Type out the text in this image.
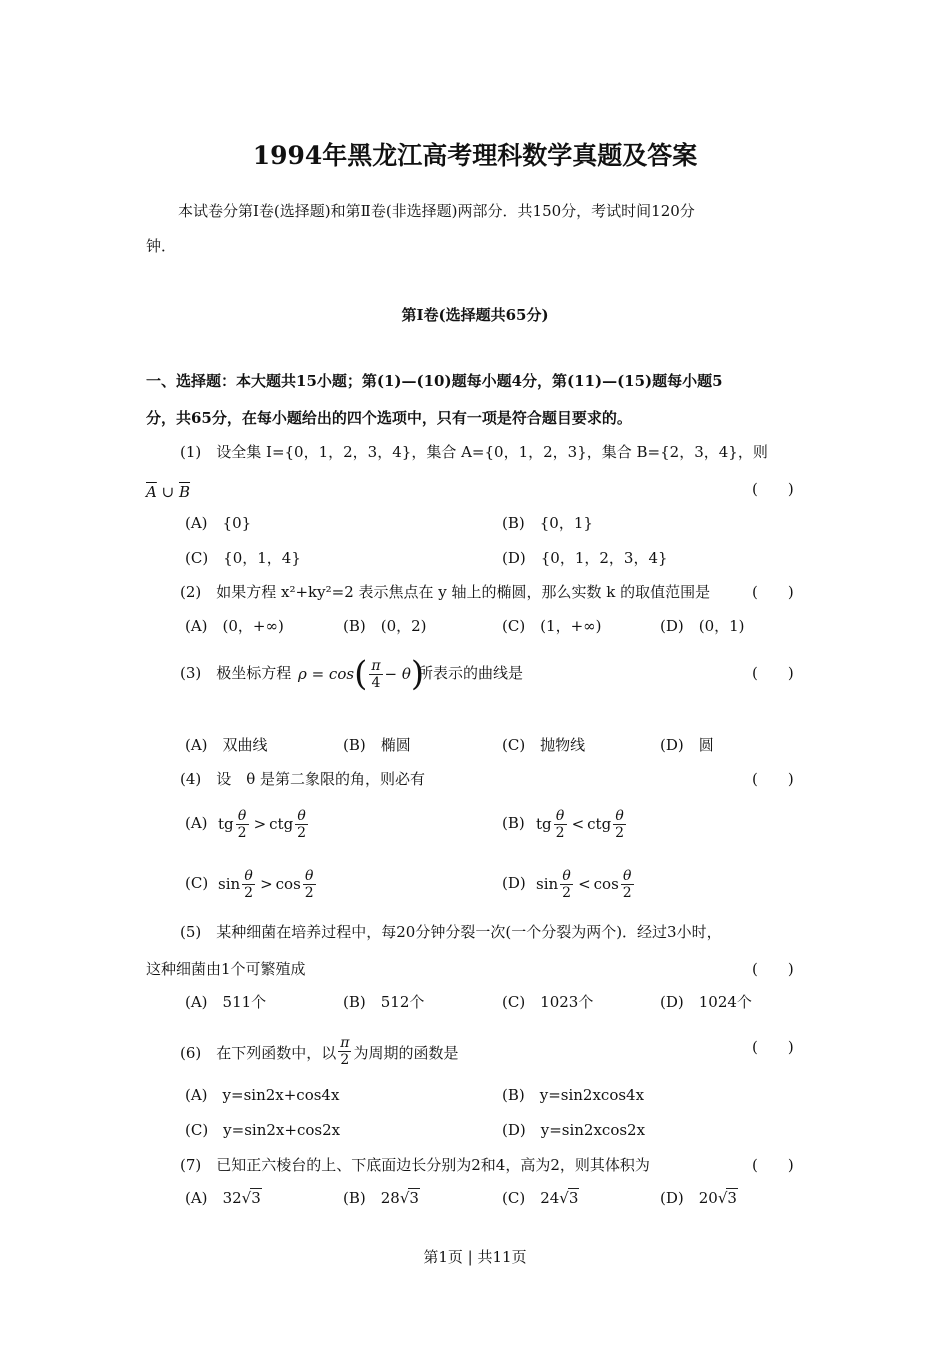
1994年黑龙江高考理科数学真题及答案
本试卷分第Ⅰ卷(选择题)和第Ⅱ卷(非选择题)两部分．共150分，考试时间120分
钟．
第Ⅰ卷(选择题共65分)
一、选择题：本大题共15小题；第(1)—(10)题每小题4分，第(11)—(15)题每小题5
分，共65分，在每小题给出的四个选项中，只有一项是符合题目要求的。
(1)　设全集 I={0，1，2，3，4}，集合 A={0，1，2，3}，集合 B={2，3，4}，则
$\overline{A}$ ∪ $\overline{B}$	(　　)
(A)　{0}	(B)　{0，1}
(C)　{0，1，4}	(D)　{0，1，2，3，4}
(2)　如果方程 x²+ky²=2 表示焦点在 y 轴上的椭圆，那么实数 k 的取值范围是	(　　)
(A)　(0，+∞)	(B)　(0，2)	(C)　(1，+∞)	(D)　(0，1)
(3)　极坐标方程 ρ = cos ( $\frac{\pi}{4} - \theta$ )
所表示的曲线是	(　　)
(A)　双曲线	(B)　椭圆	(C)　抛物线	(D)　圆
(4)　设　θ 是第二象限的角，则必有	(　　)
(A) tg $\frac{\theta}{2}$ > ctg $\frac{\theta}{2}$	(B) tg $\frac{\theta}{2}$ < ctg $\frac{\theta}{2}$
(C) $\sin \frac{\theta}{2} > \cos \frac{\theta}{2}$	(D) $\sin \frac{\theta}{2} < \cos \frac{\theta}{2}$
(5)　某种细菌在培养过程中，每20分钟分裂一次(一个分裂为两个)．经过3小时，
这种细菌由1个可繁殖成	(　　)
(A)　511个	(B)　512个	(C)　1023个	(D)　1024个
(6)　在下列函数中，以 $\frac{\pi}{2}$ 为周期的函数是	(　　)
(A)　y=sin2x+cos4x	(B)　y=sin2xcos4x
(C)　y=sin2x+cos2x	(D)　y=sin2xcos2x
(7)　已知正六棱台的上、下底面边长分别为2和4，高为2，则其体积为	(　　)
(A)　 32√3	(B)　 28√3	(C)　 24√3	(D)　 20√3
第1页 | 共11页
